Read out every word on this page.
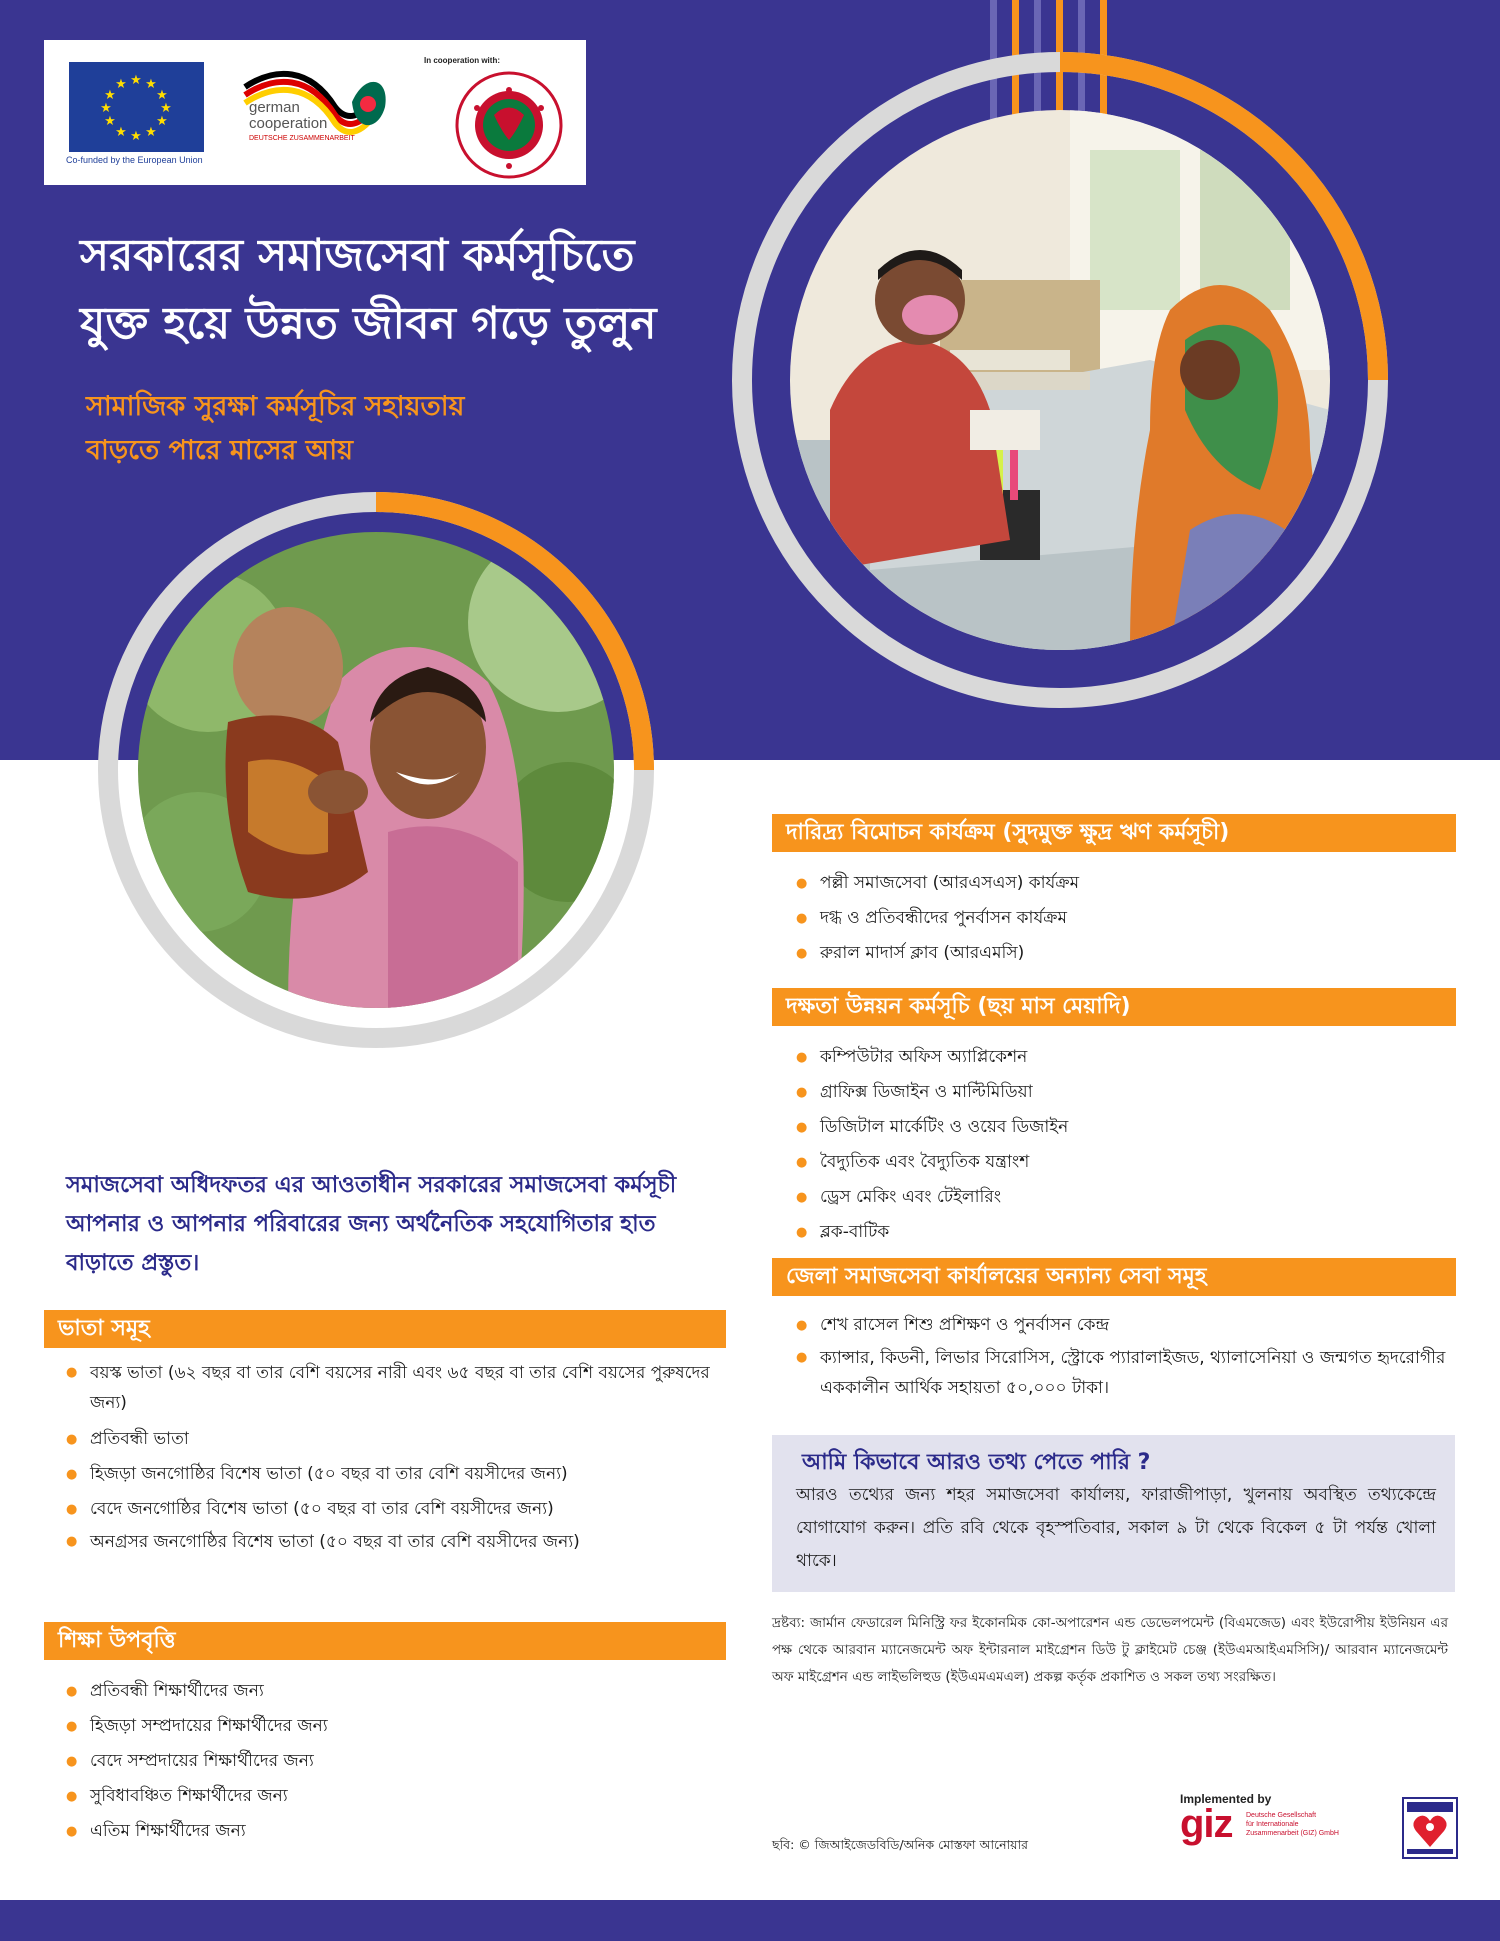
★ ★
★
★
★
★
★
★
★
★
★
★
Co-funded by the European Union
german
cooperation
DEUTSCHE ZUSAMMENARBEIT
In cooperation with:
সরকারের সমাজসেবা কর্মসূচিতে
যুক্ত হয়ে উন্নত জীবন গড়ে তুলুন
সামাজিক সুরক্ষা কর্মসূচির সহায়তায়
বাড়তে পারে মাসের আয়
সমাজসেবা অধিদফতর এর আওতাধীন সরকারের সমাজসেবা কর্মসূচী আপনার ও আপনার পরিবারের জন্য অর্থনৈতিক সহযোগিতার হাত বাড়াতে প্রস্তুত।
ভাতা সমূহ
● বয়স্ক ভাতা (৬২ বছর বা তার বেশি বয়সের নারী এবং ৬৫ বছর বা তার বেশি বয়সের পুরুষদের জন্য)
● প্রতিবন্ধী ভাতা
● হিজড়া জনগোষ্ঠির বিশেষ ভাতা (৫০ বছর বা তার বেশি বয়সীদের জন্য)
● বেদে জনগোষ্ঠির বিশেষ ভাতা (৫০ বছর বা তার বেশি বয়সীদের জন্য)
● অনগ্রসর জনগোষ্ঠির বিশেষ ভাতা (৫০ বছর বা তার বেশি বয়সীদের জন্য)
শিক্ষা উপবৃত্তি
● প্রতিবন্ধী শিক্ষার্থীদের জন্য
● হিজড়া সম্প্রদায়ের শিক্ষার্থীদের জন্য
● বেদে সম্প্রদায়ের শিক্ষার্থীদের জন্য
● সুবিধাবঞ্চিত শিক্ষার্থীদের জন্য
● এতিম শিক্ষার্থীদের জন্য
দারিদ্র্য বিমোচন কার্যক্রম (সুদমুক্ত ক্ষুদ্র ঋণ কর্মসূচী)
● পল্লী সমাজসেবা (আরএসএস) কার্যক্রম
● দগ্ধ ও প্রতিবন্ধীদের পুনর্বাসন কার্যক্রম
● রুরাল মাদার্স ক্লাব (আরএমসি)
দক্ষতা উন্নয়ন কর্মসূচি (ছয় মাস মেয়াদি)
● কম্পিউটার অফিস অ্যাপ্লিকেশন
● গ্রাফিক্স ডিজাইন ও মাল্টিমিডিয়া
● ডিজিটাল মার্কেটিং ও ওয়েব ডিজাইন
● বৈদ্যুতিক এবং বৈদ্যুতিক যন্ত্রাংশ
● ড্রেস মেকিং এবং টেইলারিং
● ব্লক-বাটিক
জেলা সমাজসেবা কার্যালয়ের অন্যান্য সেবা সমূহ
● শেখ রাসেল শিশু প্রশিক্ষণ ও পুনর্বাসন কেন্দ্র
● ক্যান্সার, কিডনী, লিভার সিরোসিস, স্ট্রোকে প্যারালাইজড, থ্যালাসেনিয়া ও জন্মগত হৃদরোগীর এককালীন আর্থিক সহায়তা ৫০,০০০ টাকা।
আমি কিভাবে আরও তথ্য পেতে পারি ?
আরও তথ্যের জন্য শহর সমাজসেবা কার্যালয়, ফারাজীপাড়া, খুলনায় অবস্থিত তথ্যকেন্দ্রে যোগাযোগ করুন। প্রতি রবি থেকে বৃহস্পতিবার, সকাল ৯ টা থেকে বিকেল ৫ টা পর্যন্ত খোলা থাকে।
দ্রষ্টব্য: জার্মান ফেডারেল মিনিস্ট্রি ফর ইকোনমিক কো-অপারেশন এন্ড ডেভেলপমেন্ট (বিএমজেড) এবং ইউরোপীয় ইউনিয়ন এর পক্ষ থেকে আরবান ম্যানেজমেন্ট অফ ইন্টারনাল মাইগ্রেশন ডিউ টু ক্লাইমেট চেঞ্জ (ইউএমআইএমসিসি)/ আরবান ম্যানেজমেন্ট অফ মাইগ্রেশন এন্ড লাইভলিহুড (ইউএমএমএল) প্রকল্প কর্তৃক প্রকাশিত ও সকল তথ্য সংরক্ষিত।
ছবি: © জিআইজেডবিডি/অনিক মোস্তফা আনোয়ার
Implemented by
giz Deutsche Gesellschaft
für Internationale
Zusammenarbeit (GIZ) GmbH
